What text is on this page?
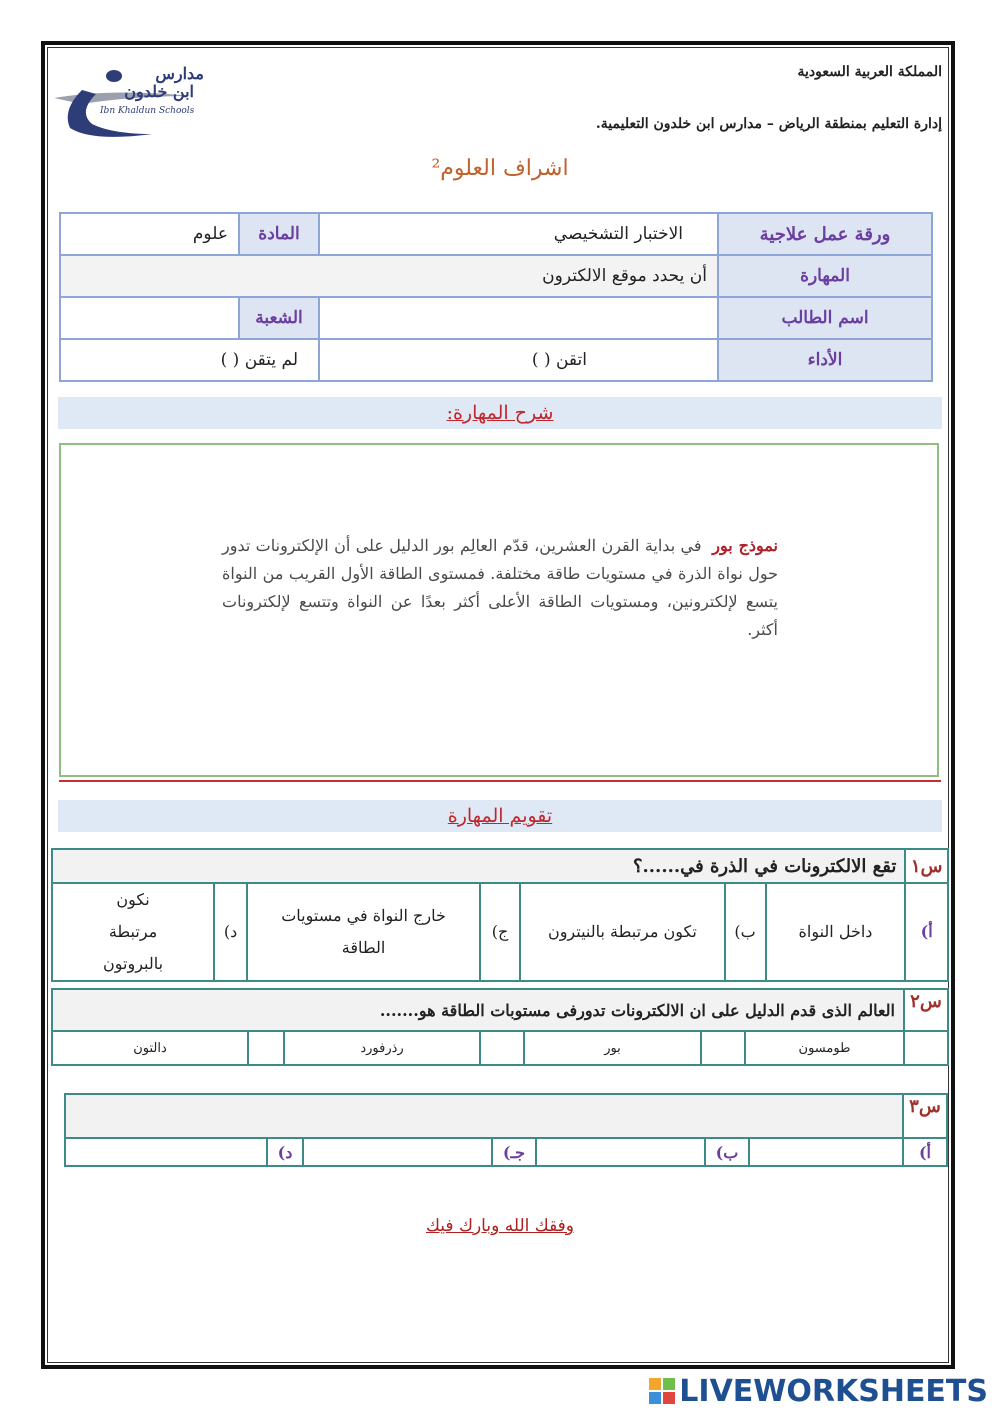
مدارس
ابن خلدون
Ibn Khaldun Schools
المملكة العربية السعودية
إدارة التعليم بمنطقة الرياض – مدارس ابن خلدون التعليمية.
اشراف العلوم²
ورقة عمل علاجية	الاختبار التشخيصي	المادة	علوم
المهارة	أن يحدد موقع الالكترون		
اسم الطالب		الشعبة	
الأداء	اتقن ( )	لم يتقن ( )	
شرح المهارة:
نموذج بور  في بداية القرن العشرين، قدّم العالِم بور الدليل على أن الإلكترونات تدور حول نواة الذرة في مستويات طاقة مختلفة. فمستوى الطاقة الأول القريب من النواة يتسع لإلكترونين، ومستويات الطاقة الأعلى أكثر بعدًا عن النواة وتتسع لإلكترونات أكثر.
تقويم المهارة
س١	تقع الالكترونات في الذرة في......؟						
أ)	داخل النواة	ب)	تكون مرتبطة بالنيترون	ج)	خارج النواة في مستويات الطاقة	د)	نكون مرتبطة بالبروتون
س٢	العالم الذى قدم الدليل على ان الالكترونات تدورفى مستوبات الطاقة هو.......						
	طومسون		بور		رذرفورد		دالتون
س٣							
أ)		ب)		جـ)		د)	
وفقك الله وبارك فيك
LIVEWORKSHEETS
